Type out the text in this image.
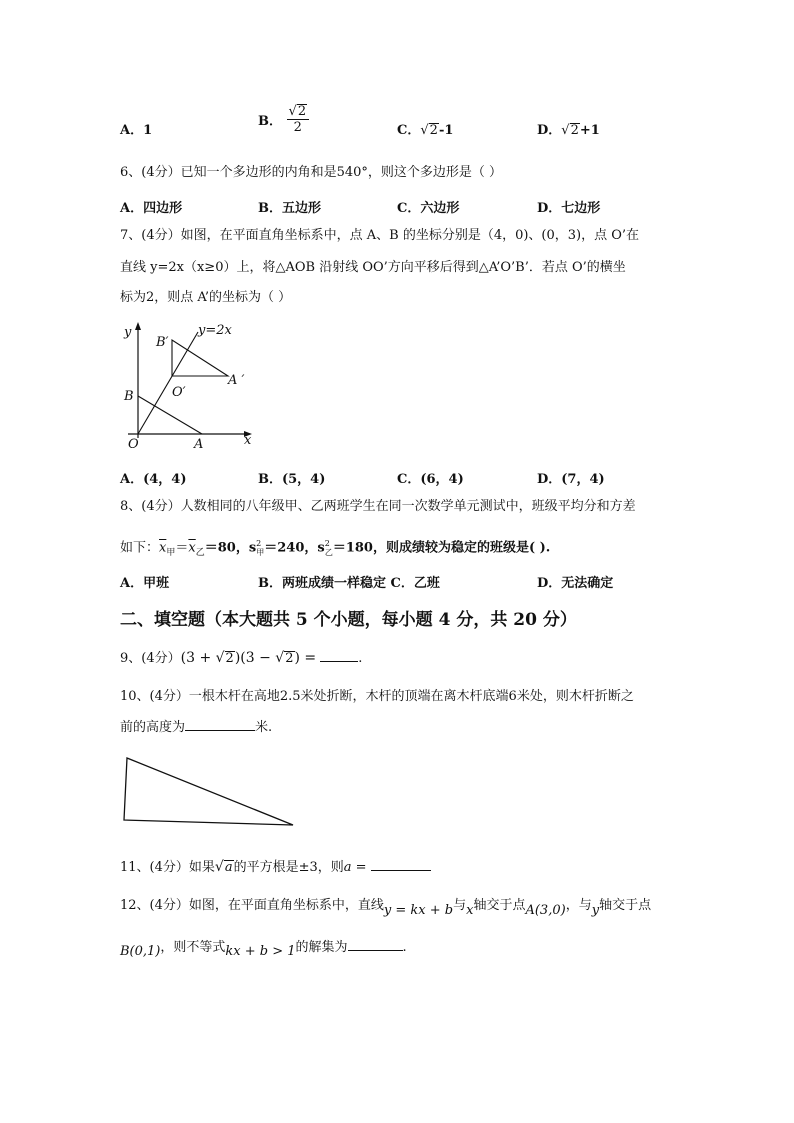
A．1
B． $\frac{√2}{2}$	C．√2-1	D．√2+1
6、(4分）已知一个多边形的内角和是540°，则这个多边形是（ ）
A．四边形	B．五边形	C．六边形	D．七边形
7、(4分）如图，在平面直角坐标系中，点 A、B 的坐标分别是（4，0)、(0，3)，点 O’在
直线 y=2x（x≥0）上，将△AOB 沿射线 OO’方向平移后得到△A’O’B’．若点 O’的横坐
标为2，则点 A’的坐标为（ ）
y	y=2x
B′
O′
A ′
B
O	A	x
A．(4，4)	B．(5，4)	C．(6，4)	D．(7，4)
8、(4分）人数相同的八年级甲、乙两班学生在同一次数学单元测试中，班级平均分和方差
如下：$\overline{x}_甲=\overline{x}_乙=80$，$s^2_甲=240$，$s^2_乙=180$，则成绩较为稳定的班级是( ).
A．甲班	B．两班成绩一样稳定 C．乙班	D．无法确定
二、填空题（本大题共 5 个小题，每小题 4 分，共 20 分）
9、(4分）(3 + √2)(3 − √2) =	.
10、(4分）一根木杆在高地2.5米处折断，木杆的顶端在离木杆底端6米处，则木杆折断之
前的高度为	米.
11、(4分）如果√a的平方根是±3，则a =
12、(4分）如图，在平面直角坐标系中，直线y = kx + b与x轴交于点A(3,0)，与y轴交于点
B(0,1)，则不等式kx + b > 1的解集为	.
